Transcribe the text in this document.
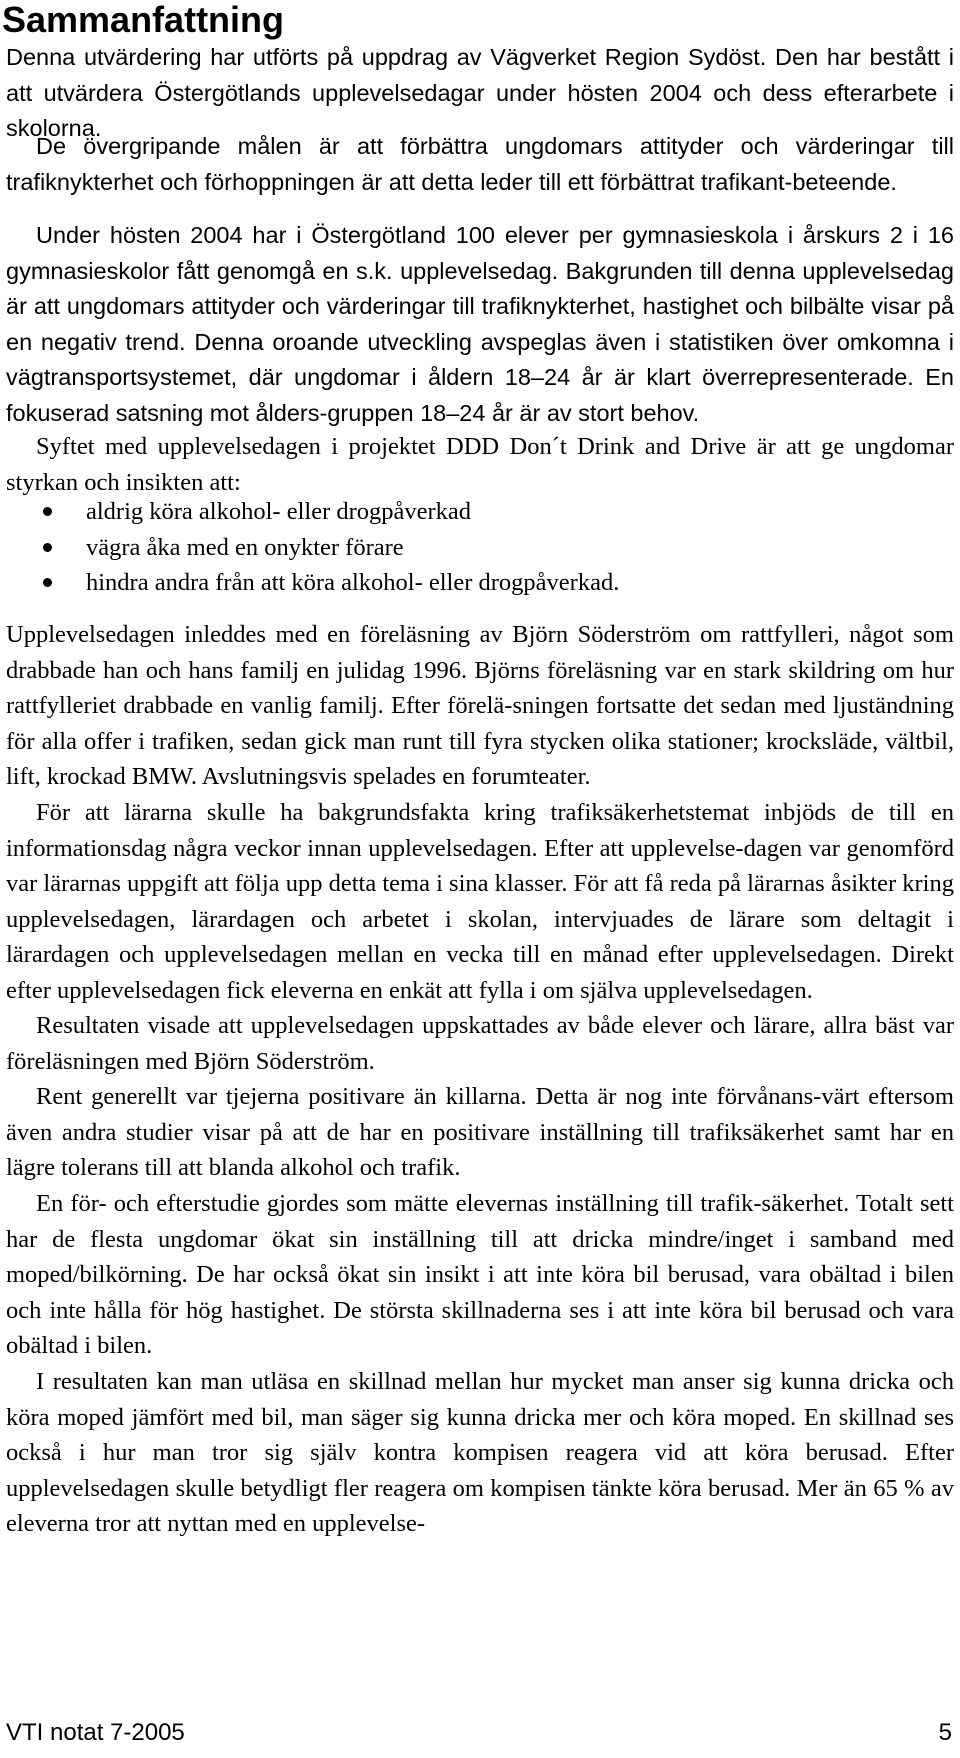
Sammanfattning

Denna utvärdering har utförts på uppdrag av Vägverket Region Sydöst. Den har bestått i att utvärdera Östergötlands upplevelsedagar under hösten 2004 och dess efterarbete i skolorna.

De övergripande målen är att förbättra ungdomars attityder och värderingar till trafiknykterhet och förhoppningen är att detta leder till ett förbättrat trafikant-beteende.

Under hösten 2004 har i Östergötland 100 elever per gymnasieskola i årskurs 2 i 16 gymnasieskolor fått genomgå en s.k. upplevelsedag. Bakgrunden till denna upplevelsedag är att ungdomars attityder och värderingar till trafiknykterhet, hastighet och bilbälte visar på en negativ trend. Denna oroande utveckling avspeglas även i statistiken över omkomna i vägtransportsystemet, där ungdomar i åldern 18–24 år är klart överrepresenterade. En fokuserad satsning mot ålders-gruppen 18–24 år är av stort behov.

Syftet med upplevelsedagen i projektet DDD Don´t Drink and Drive är att ge ungdomar styrkan och insikten att:

aldrig köra alkohol- eller drogpåverkad
vägra åka med en onykter förare
hindra andra från att köra alkohol- eller drogpåverkad.

Upplevelsedagen inleddes med en föreläsning av Björn Söderström om rattfylleri, något som drabbade han och hans familj en julidag 1996. Björns föreläsning var en stark skildring om hur rattfylleriet drabbade en vanlig familj. Efter förelä-sningen fortsatte det sedan med ljuständning för alla offer i trafiken, sedan gick man runt till fyra stycken olika stationer; krocksläde, vältbil, lift, krockad BMW. Avslutningsvis spelades en forumteater.

För att lärarna skulle ha bakgrundsfakta kring trafiksäkerhetstemat inbjöds de till en informationsdag några veckor innan upplevelsedagen. Efter att upplevelse-dagen var genomförd var lärarnas uppgift att följa upp detta tema i sina klasser. För att få reda på lärarnas åsikter kring upplevelsedagen, lärardagen och arbetet i skolan, intervjuades de lärare som deltagit i lärardagen och upplevelsedagen mellan en vecka till en månad efter upplevelsedagen. Direkt efter upplevelsedagen fick eleverna en enkät att fylla i om själva upplevelsedagen.

Resultaten visade att upplevelsedagen uppskattades av både elever och lärare, allra bäst var föreläsningen med Björn Söderström.

Rent generellt var tjejerna positivare än killarna. Detta är nog inte förvånans-värt eftersom även andra studier visar på att de har en positivare inställning till trafiksäkerhet samt har en lägre tolerans till att blanda alkohol och trafik.

En för- och efterstudie gjordes som mätte elevernas inställning till trafik-säkerhet. Totalt sett har de flesta ungdomar ökat sin inställning till att dricka mindre/inget i samband med moped/bilkörning. De har också ökat sin insikt i att inte köra bil berusad, vara obältad i bilen och inte hålla för hög hastighet. De största skillnaderna ses i att inte köra bil berusad och vara obältad i bilen.

I resultaten kan man utläsa en skillnad mellan hur mycket man anser sig kunna dricka och köra moped jämfört med bil, man säger sig kunna dricka mer och köra moped. En skillnad ses också i hur man tror sig själv kontra kompisen reagera vid att köra berusad. Efter upplevelsedagen skulle betydligt fler reagera om kompisen tänkte köra berusad. Mer än 65 % av eleverna tror att nyttan med en upplevelse-

VTI notat 7-2005	5
